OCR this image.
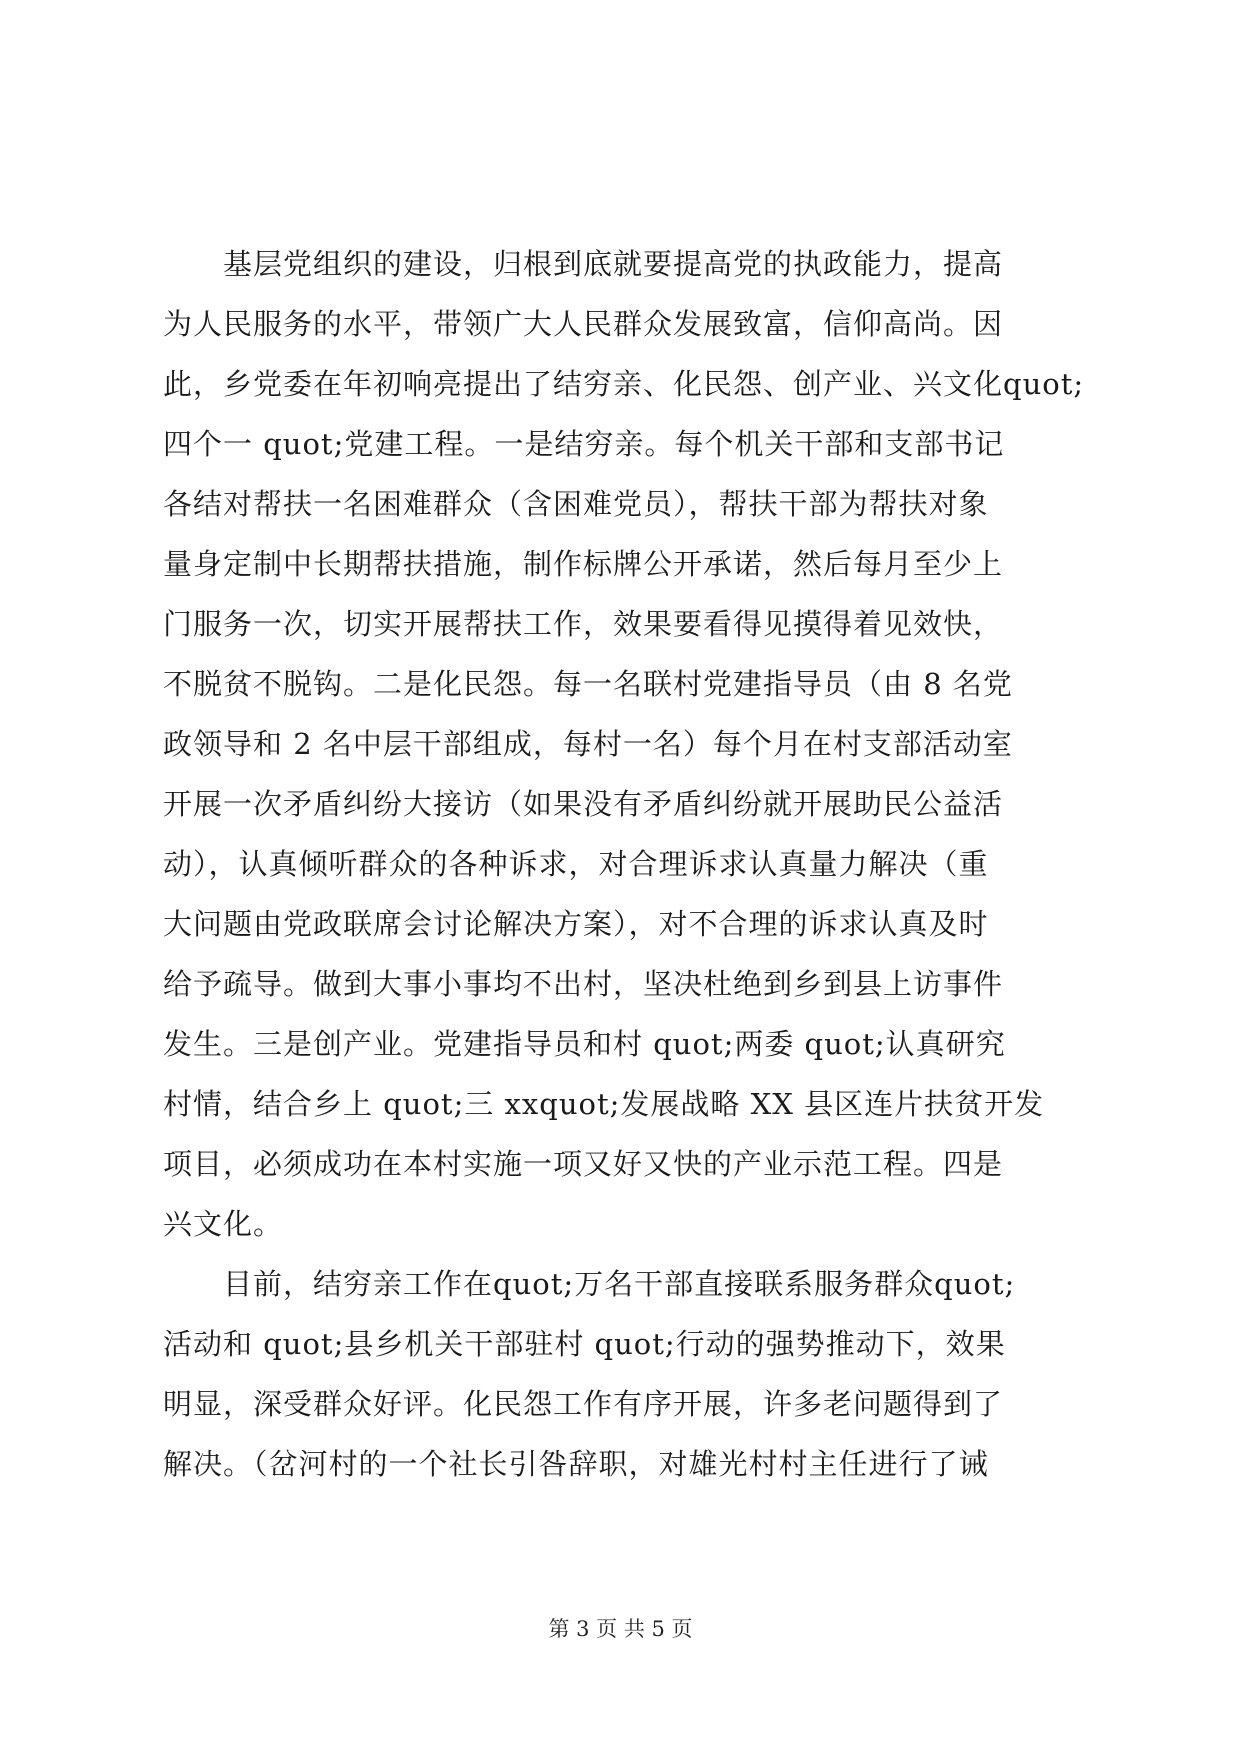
　　基层党组织的建设，归根到底就要提高党的执政能力，提高
为人民服务的水平，带领广大人民群众发展致富，信仰高尚。因
此，乡党委在年初响亮提出了结穷亲、化民怨、创产业、兴文化quot;
四个一 quot;党建工程。一是结穷亲。每个机关干部和支部书记
各结对帮扶一名困难群众（含困难党员），帮扶干部为帮扶对象
量身定制中长期帮扶措施，制作标牌公开承诺，然后每月至少上
门服务一次，切实开展帮扶工作，效果要看得见摸得着见效快，
不脱贫不脱钩。二是化民怨。每一名联村党建指导员（由 8 名党
政领导和 2 名中层干部组成，每村一名）每个月在村支部活动室
开展一次矛盾纠纷大接访（如果没有矛盾纠纷就开展助民公益活
动），认真倾听群众的各种诉求，对合理诉求认真量力解决（重
大问题由党政联席会讨论解决方案），对不合理的诉求认真及时
给予疏导。做到大事小事均不出村，坚决杜绝到乡到县上访事件
发生。三是创产业。党建指导员和村 quot;两委 quot;认真研究
村情，结合乡上 quot;三 xxquot;发展战略 XX 县区连片扶贫开发
项目，必须成功在本村实施一项又好又快的产业示范工程。四是
兴文化。
　　目前，结穷亲工作在quot;万名干部直接联系服务群众quot;
活动和 quot;县乡机关干部驻村 quot;行动的强势推动下，效果
明显，深受群众好评。化民怨工作有序开展，许多老问题得到了
解决。（岔河村的一个社长引咎辞职，对雄光村村主任进行了诫
第 3 页 共 5 页
